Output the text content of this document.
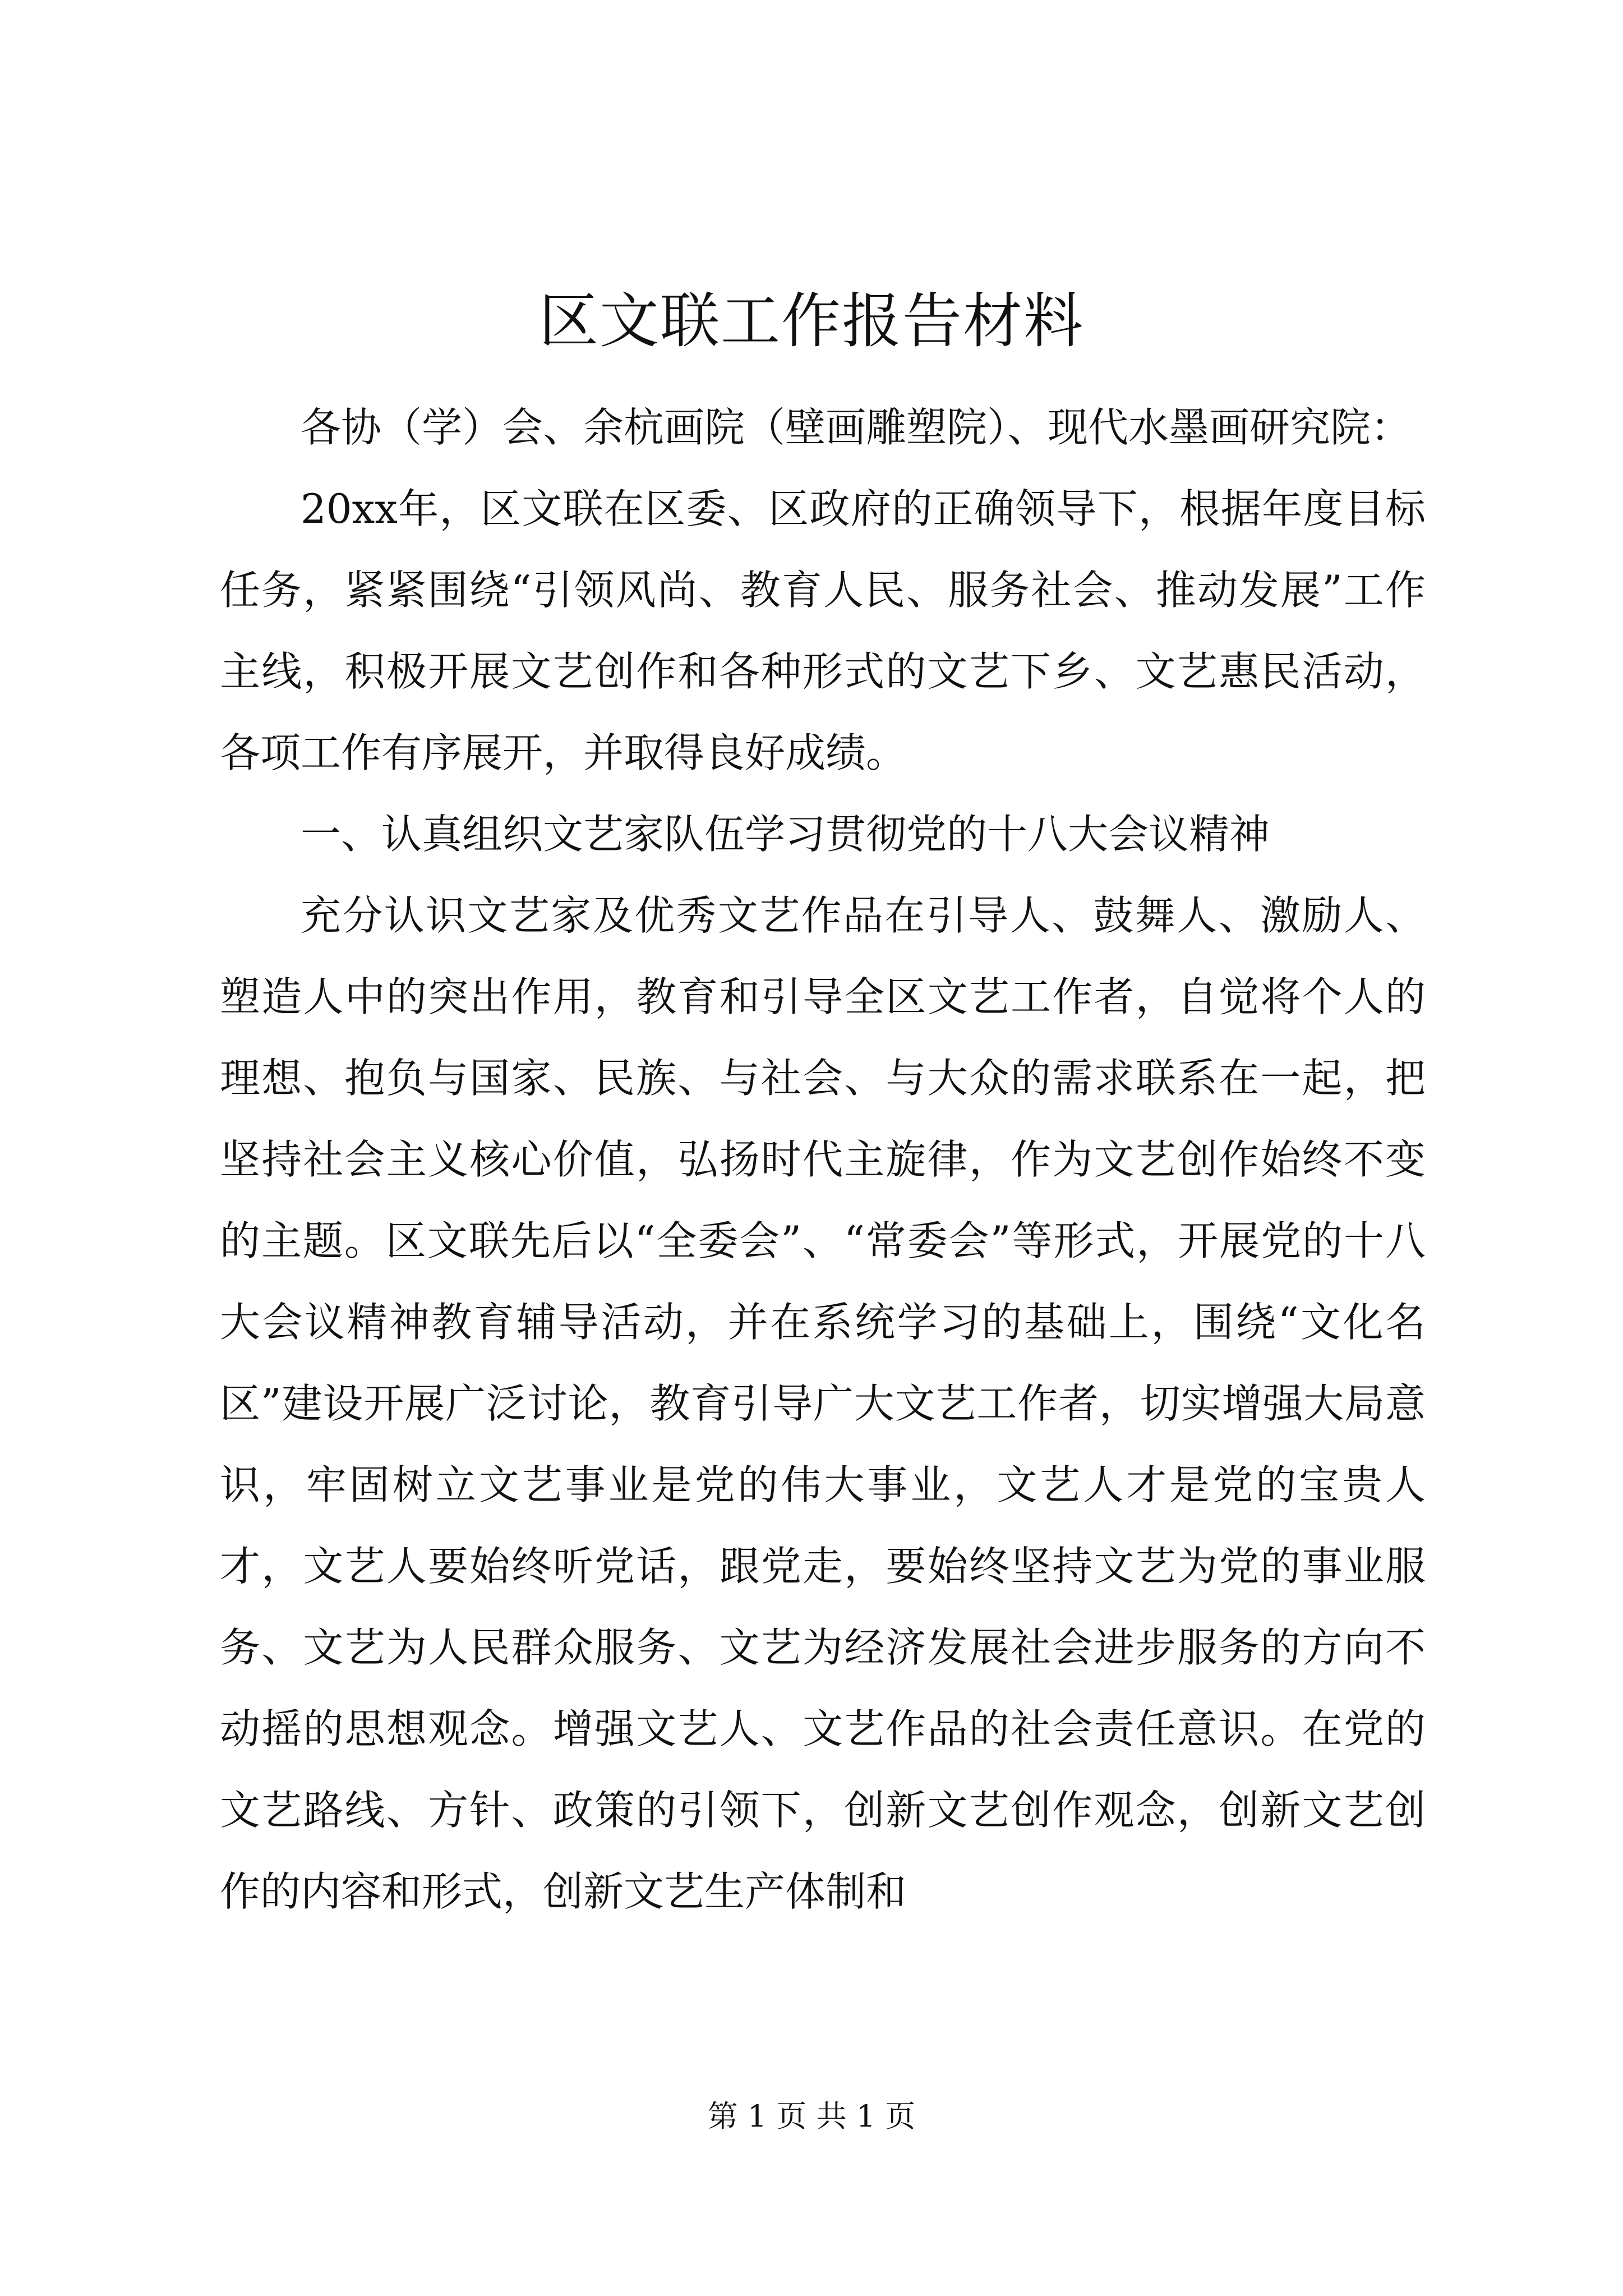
区文联工作报告材料

各协（学）会、余杭画院（壁画雕塑院）、现代水墨画研究院：

20xx年，区文联在区委、区政府的正确领导下，根据年度目标任务，紧紧围绕“引领风尚、教育人民、服务社会、推动发展”工作主线，积极开展文艺创作和各种形式的文艺下乡、文艺惠民活动，各项工作有序展开，并取得良好成绩。

一、认真组织文艺家队伍学习贯彻党的十八大会议精神

充分认识文艺家及优秀文艺作品在引导人、鼓舞人、激励人、塑造人中的突出作用，教育和引导全区文艺工作者，自觉将个人的理想、抱负与国家、民族、与社会、与大众的需求联系在一起，把坚持社会主义核心价值，弘扬时代主旋律，作为文艺创作始终不变的主题。区文联先后以“全委会”、“常委会”等形式，开展党的十八大会议精神教育辅导活动，并在系统学习的基础上，围绕“文化名区”建设开展广泛讨论，教育引导广大文艺工作者，切实增强大局意识，牢固树立文艺事业是党的伟大事业，文艺人才是党的宝贵人才，文艺人要始终听党话，跟党走，要始终坚持文艺为党的事业服务、文艺为人民群众服务、文艺为经济发展社会进步服务的方向不动摇的思想观念。增强文艺人、文艺作品的社会责任意识。在党的文艺路线、方针、政策的引领下，创新文艺创作观念，创新文艺创作的内容和形式，创新文艺生产体制和

第 1 页 共 1 页
